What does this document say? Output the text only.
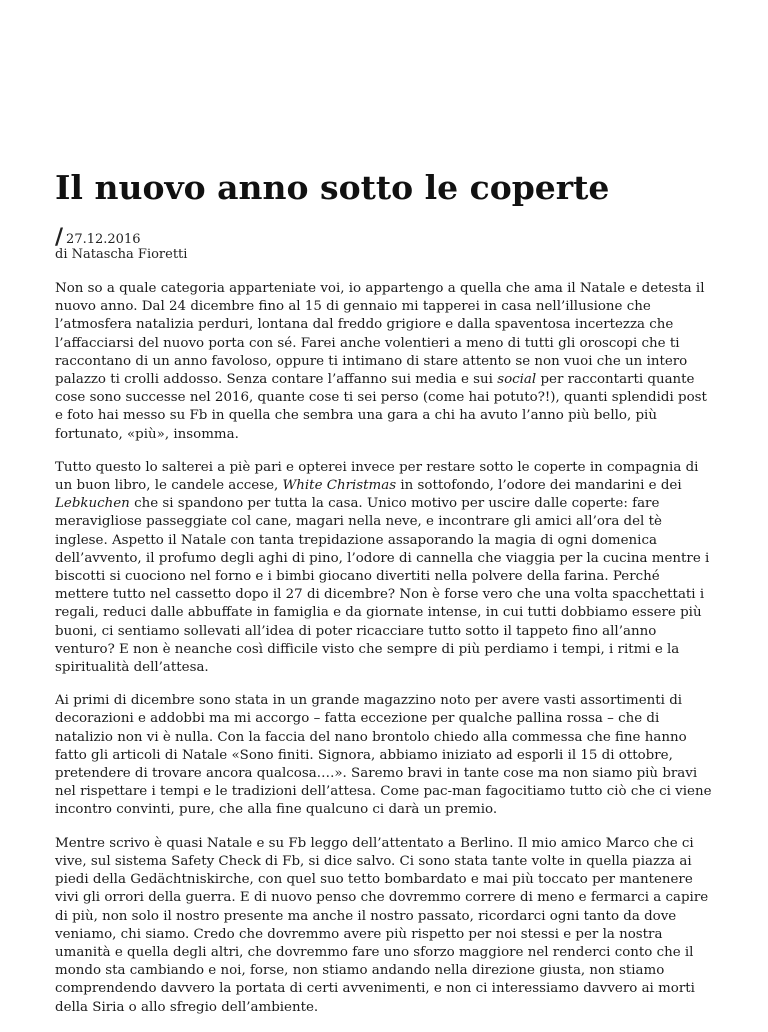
Il nuovo anno sotto le coperte
/ 27.12.2016
di Natascha Fioretti

Non so a quale categoria apparteniate voi, io appartengo a quella che ama il Natale e detesta il nuovo anno. Dal 24 dicembre fino al 15 di gennaio mi tapperei in casa nell’illusione che l’atmosfera natalizia perduri, lontana dal freddo grigiore e dalla spaventosa incertezza che l’affacciarsi del nuovo porta con sé. Farei anche volentieri a meno di tutti gli oroscopi che ti raccontano di un anno favoloso, oppure ti intimano di stare attento se non vuoi che un intero palazzo ti crolli addosso. Senza contare l’affanno sui media e sui social per raccontarti quante cose sono successe nel 2016, quante cose ti sei perso (come hai potuto?!), quanti splendidi post e foto hai messo su Fb in quella che sembra una gara a chi ha avuto l’anno più bello, più fortunato, «più», insomma.

Tutto questo lo salterei a piè pari e opterei invece per restare sotto le coperte in compagnia di un buon libro, le candele accese, White Christmas in sottofondo, l’odore dei mandarini e dei Lebkuchen che si spandono per tutta la casa. Unico motivo per uscire dalle coperte: fare meravigliose passeggiate col cane, magari nella neve, e incontrare gli amici all’ora del tè inglese. Aspetto il Natale con tanta trepidazione assaporando la magia di ogni domenica dell’avvento, il profumo degli aghi di pino, l’odore di cannella che viaggia per la cucina mentre i biscotti si cuociono nel forno e i bimbi giocano divertiti nella polvere della farina. Perché mettere tutto nel cassetto dopo il 27 di dicembre? Non è forse vero che una volta spacchettati i regali, reduci dalle abbuffate in famiglia e da giornate intense, in cui tutti dobbiamo essere più buoni, ci sentiamo sollevati all’idea di poter ricacciare tutto sotto il tappeto fino all’anno venturo? E non è neanche così difficile visto che sempre di più perdiamo i tempi, i ritmi e la spiritualità dell’attesa.

Ai primi di dicembre sono stata in un grande magazzino noto per avere vasti assortimenti di decorazioni e addobbi ma mi accorgo – fatta eccezione per qualche pallina rossa – che di natalizio non vi è nulla. Con la faccia del nano brontolo chiedo alla commessa che fine hanno fatto gli articoli di Natale «Sono finiti. Signora, abbiamo iniziato ad esporli il 15 di ottobre, pretendere di trovare ancora qualcosa….». Saremo bravi in tante cose ma non siamo più bravi nel rispettare i tempi e le tradizioni dell’attesa. Come pac-man fagocitiamo tutto ciò che ci viene incontro convinti, pure, che alla fine qualcuno ci darà un premio.

Mentre scrivo è quasi Natale e su Fb leggo dell’attentato a Berlino. Il mio amico Marco che ci vive, sul sistema Safety Check di Fb, si dice salvo. Ci sono stata tante volte in quella piazza ai piedi della Gedächtniskirche, con quel suo tetto bombardato e mai più toccato per mantenere vivi gli orrori della guerra. E di nuovo penso che dovremmo correre di meno e fermarci a capire di più, non solo il nostro presente ma anche il nostro passato, ricordarci ogni tanto da dove veniamo, chi siamo. Credo che dovremmo avere più rispetto per noi stessi e per la nostra umanità e quella degli altri, che dovremmo fare uno sforzo maggiore nel renderci conto che il mondo sta cambiando e noi, forse, non stiamo andando nella direzione giusta, non stiamo comprendendo davvero la portata di certi avvenimenti, e non ci interessiamo davvero ai morti della Siria o allo sfregio dell’ambiente.
